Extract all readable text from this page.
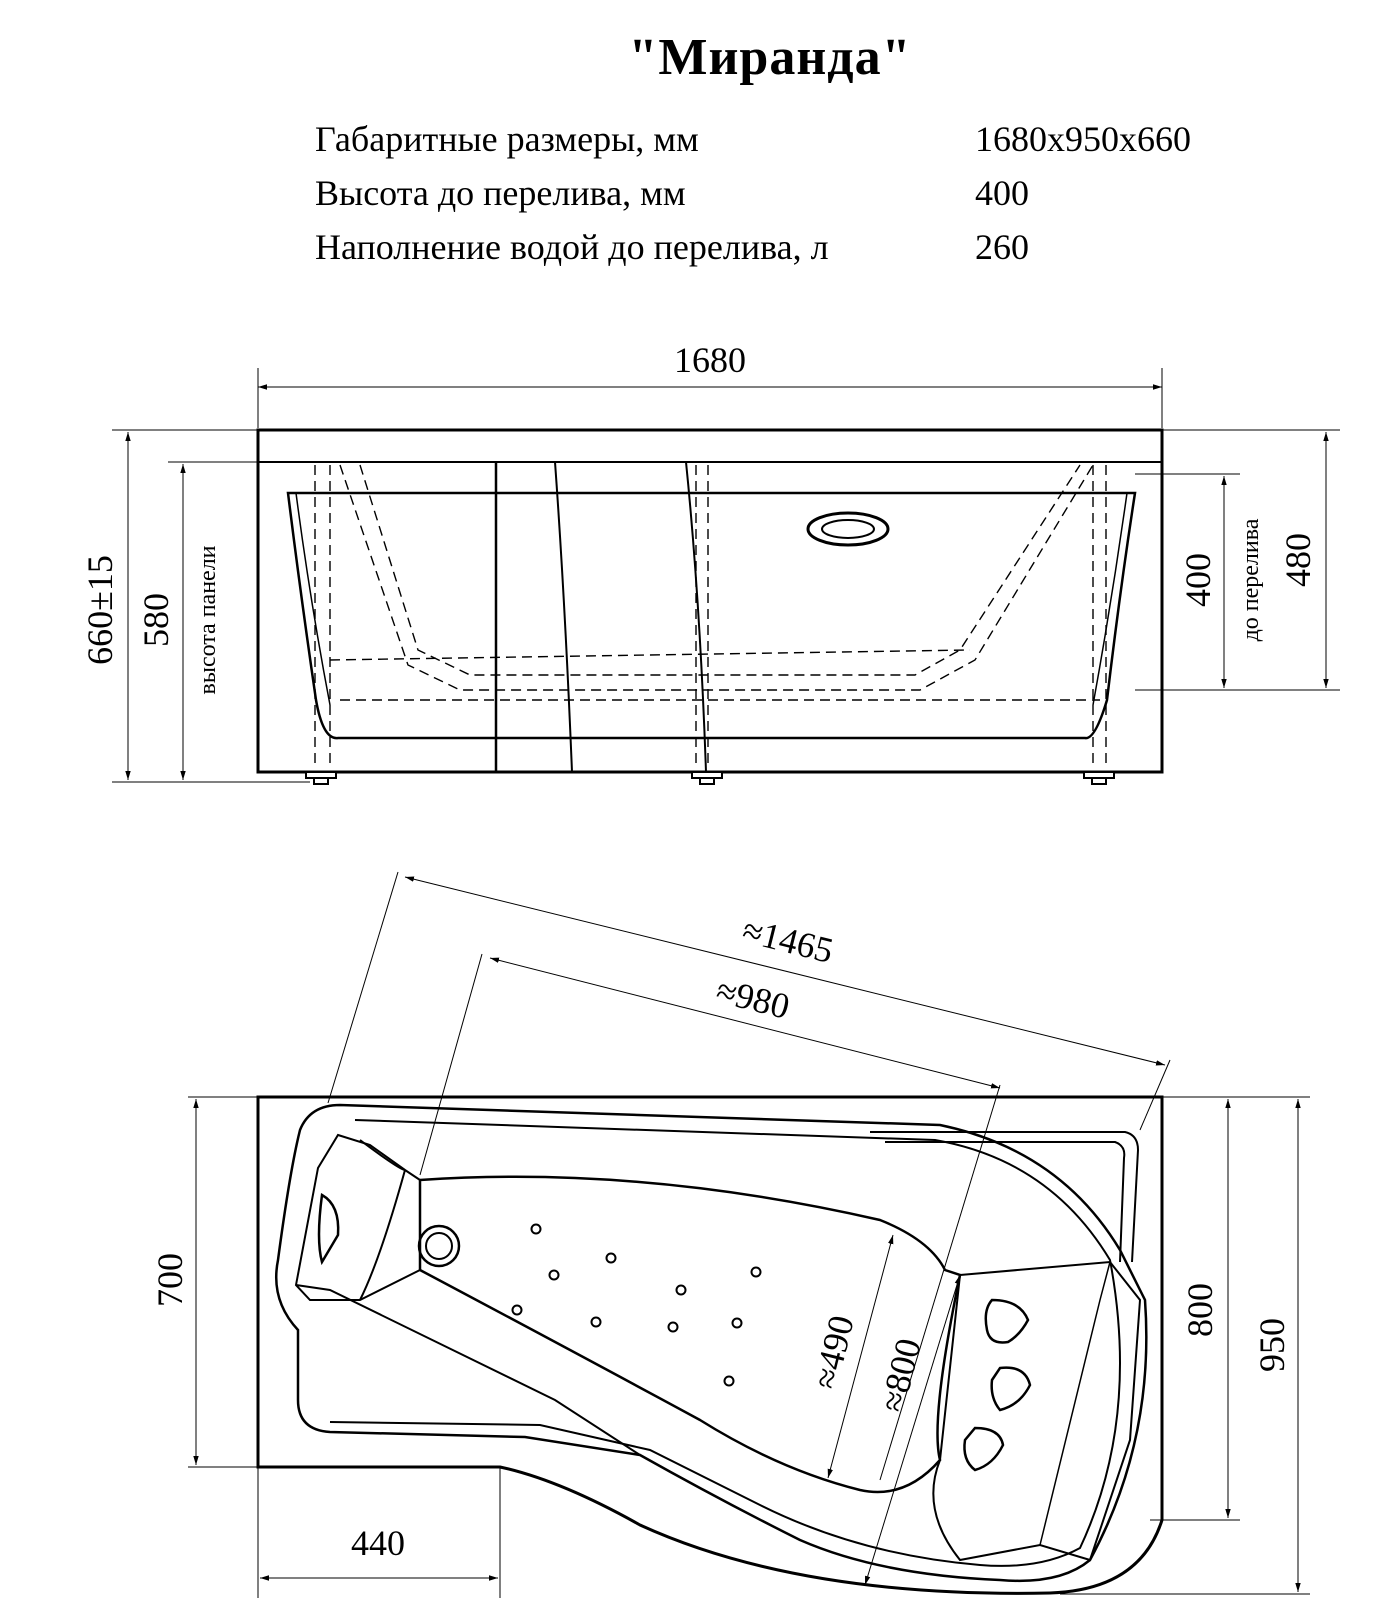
"Миранда"
Габаритные размеры, мм	1680х950х660
Высота до перелива, мм	400
Наполнение водой до перелива, л	260
1680
660±15 580 высота панели	400 до перелива 480
≈1465
≈980
≈490 ≈800
700
800
950
440
